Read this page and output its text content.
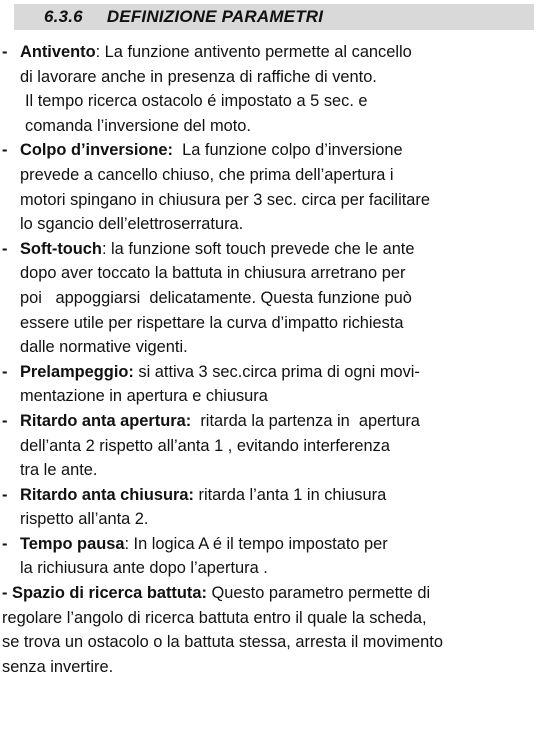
6.3.6 DEFINIZIONE PARAMETRI
- Antivento: La funzione antivento permette al cancello
di lavorare anche in presenza di raffiche di vento.
Il tempo ricerca ostacolo é impostato a 5 sec. e
comanda l’inversione del moto.
- Colpo d’inversione:  La funzione colpo d’inversione
prevede a cancello chiuso, che prima dell’apertura i
motori spingano in chiusura per 3 sec. circa per facilitare
lo sgancio dell’elettroserratura.
- Soft-touch: la funzione soft touch prevede che le ante
dopo aver toccato la battuta in chiusura arretrano per
poi   appoggiarsi  delicatamente. Questa funzione può
essere utile per rispettare la curva d’impatto richiesta
dalle normative vigenti.
- Prelampeggio: si attiva 3 sec.circa prima di ogni movi-
mentazione in apertura e chiusura
- Ritardo anta apertura:  ritarda la partenza in  apertura
dell’anta 2 rispetto all’anta 1 , evitando interferenza
tra le ante.
- Ritardo anta chiusura: ritarda l’anta 1 in chiusura
rispetto all’anta 2.
- Tempo pausa: In logica A é il tempo impostato per
la richiusura ante dopo l’apertura .
- Spazio di ricerca battuta: Questo parametro permette di
regolare l’angolo di ricerca battuta entro il quale la scheda,
se trova un ostacolo o la battuta stessa, arresta il movimento
senza invertire.
